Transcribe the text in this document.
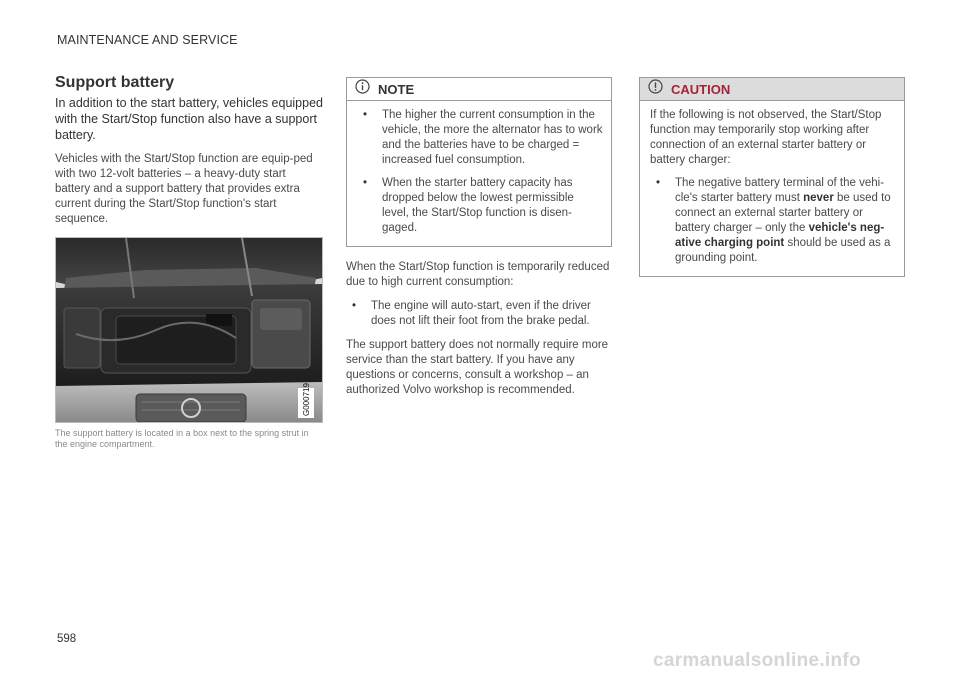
MAINTENANCE AND SERVICE
Support battery

In addition to the start battery, vehicles equipped with the Start/Stop function also have a support battery.

Vehicles with the Start/Stop function are equip-ped with two 12-volt batteries – a heavy-duty start battery and a support battery that provides extra current during the Start/Stop function's start sequence.

G000719
The support battery is located in a box next to the spring strut in the engine compartment.
NOTE
• The higher the current consumption in the vehicle, the more the alternator has to work and the batteries have to be charged = increased fuel consumption.
• When the starter battery capacity has dropped below the lowest permissible level, the Start/Stop function is disen-gaged.

When the Start/Stop function is temporarily reduced due to high current consumption:

• The engine will auto-start, even if the driver does not lift their foot from the brake pedal.

The support battery does not normally require more service than the start battery. If you have any questions or concerns, consult a workshop – an authorized Volvo workshop is recommended.

CAUTION

If the following is not observed, the Start/Stop function may temporarily stop working after connection of an external starter battery or battery charger:

• The negative battery terminal of the vehi-cle's starter battery must never be used to connect an external starter battery or battery charger – only the vehicle's neg-ative charging point should be used as a grounding point.
598
carmanualsonline.info
